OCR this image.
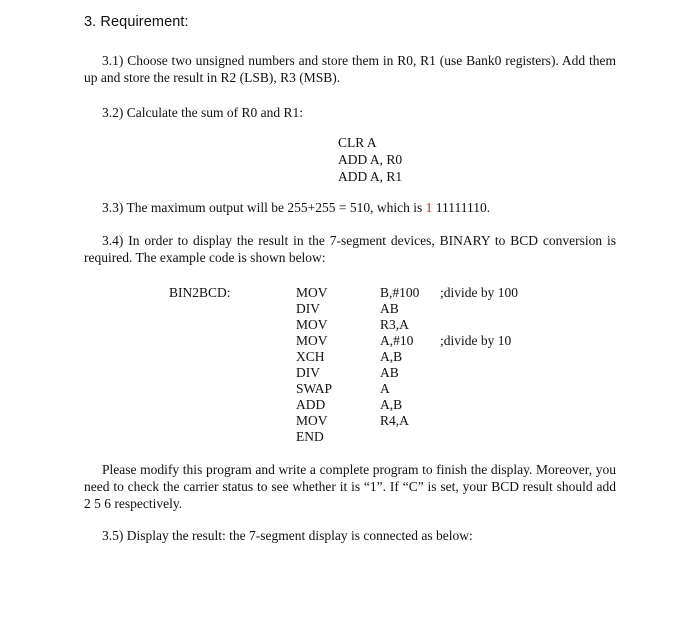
3. Requirement:
3.1) Choose two unsigned numbers and store them in R0, R1 (use Bank0 registers). Add them up and store the result in R2 (LSB), R3 (MSB).
3.2) Calculate the sum of R0 and R1:
CLR A
ADD A, R0
ADD A, R1
3.3) The maximum output will be 255+255 = 510, which is 1 11111110.
3.4) In order to display the result in the 7-segment devices, BINARY to BCD conversion is required. The example code is shown below:
BIN2BCD:	MOV	B,#100 ;divide by 100
DIV	AB
MOV	R3,A
MOV	A,#10 ;divide by 10
XCH	A,B
DIV	AB
SWAP	A
ADD	A,B
MOV	R4,A
END
Please modify this program and write a complete program to finish the display. Moreover, you need to check the carrier status to see whether it is “1”. If “C” is set, your BCD result should add 2 5 6 respectively.
3.5) Display the result: the 7-segment display is connected as below:
